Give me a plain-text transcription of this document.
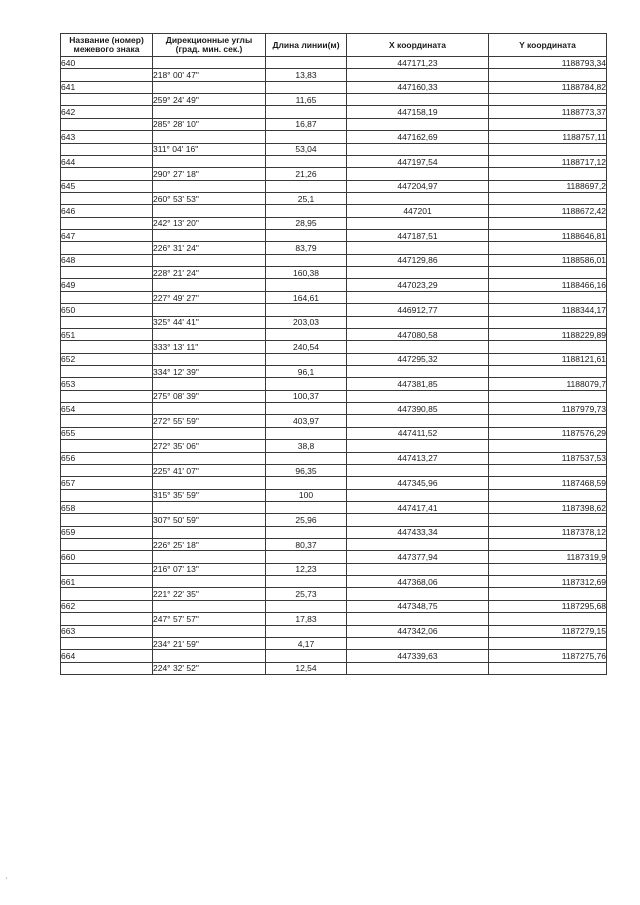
Название (номер) межевого знака	Дирекционные углы (град. мин. сек.)	Длина линии(м)	X координата	Y координата
640			447171,23	1188793,34
	218° 00' 47"	13,83		
641			447160,33	1188784,82
	259° 24' 49"	11,65		
642			447158,19	1188773,37
	285° 28' 10"	16,87		
643			447162,69	1188757,11
	311° 04' 16"	53,04		
644			447197,54	1188717,12
	290° 27' 18"	21,26		
645			447204,97	1188697,2
	260° 53' 53"	25,1		
646			447201	1188672,42
	242° 13' 20"	28,95		
647			447187,51	1188646,81
	226° 31' 24"	83,79		
648			447129,86	1188586,01
	228° 21' 24"	160,38		
649			447023,29	1188466,16
	227° 49' 27"	164,61		
650			446912,77	1188344,17
	325° 44' 41"	203,03		
651			447080,58	1188229,89
	333° 13' 11"	240,54		
652			447295,32	1188121,61
	334° 12' 39"	96,1		
653			447381,85	1188079,7
	275° 08' 39"	100,37		
654			447390,85	1187979,73
	272° 55' 59"	403,97		
655			447411,52	1187576,29
	272° 35' 06"	38,8		
656			447413,27	1187537,53
	225° 41' 07"	96,35		
657			447345,96	1187468,59
	315° 35' 59"	100		
658			447417,41	1187398,62
	307° 50' 59"	25,96		
659			447433,34	1187378,12
	226° 25' 18"	80,37		
660			447377,94	1187319,9
	216° 07' 13"	12,23		
661			447368,06	1187312,69
	221° 22' 35"	25,73		
662			447348,75	1187295,68
	247° 57' 57"	17,83		
663			447342,06	1187279,15
	234° 21' 59"	4,17		
664			447339,63	1187275,76
	224° 32' 52"	12,54		
'
